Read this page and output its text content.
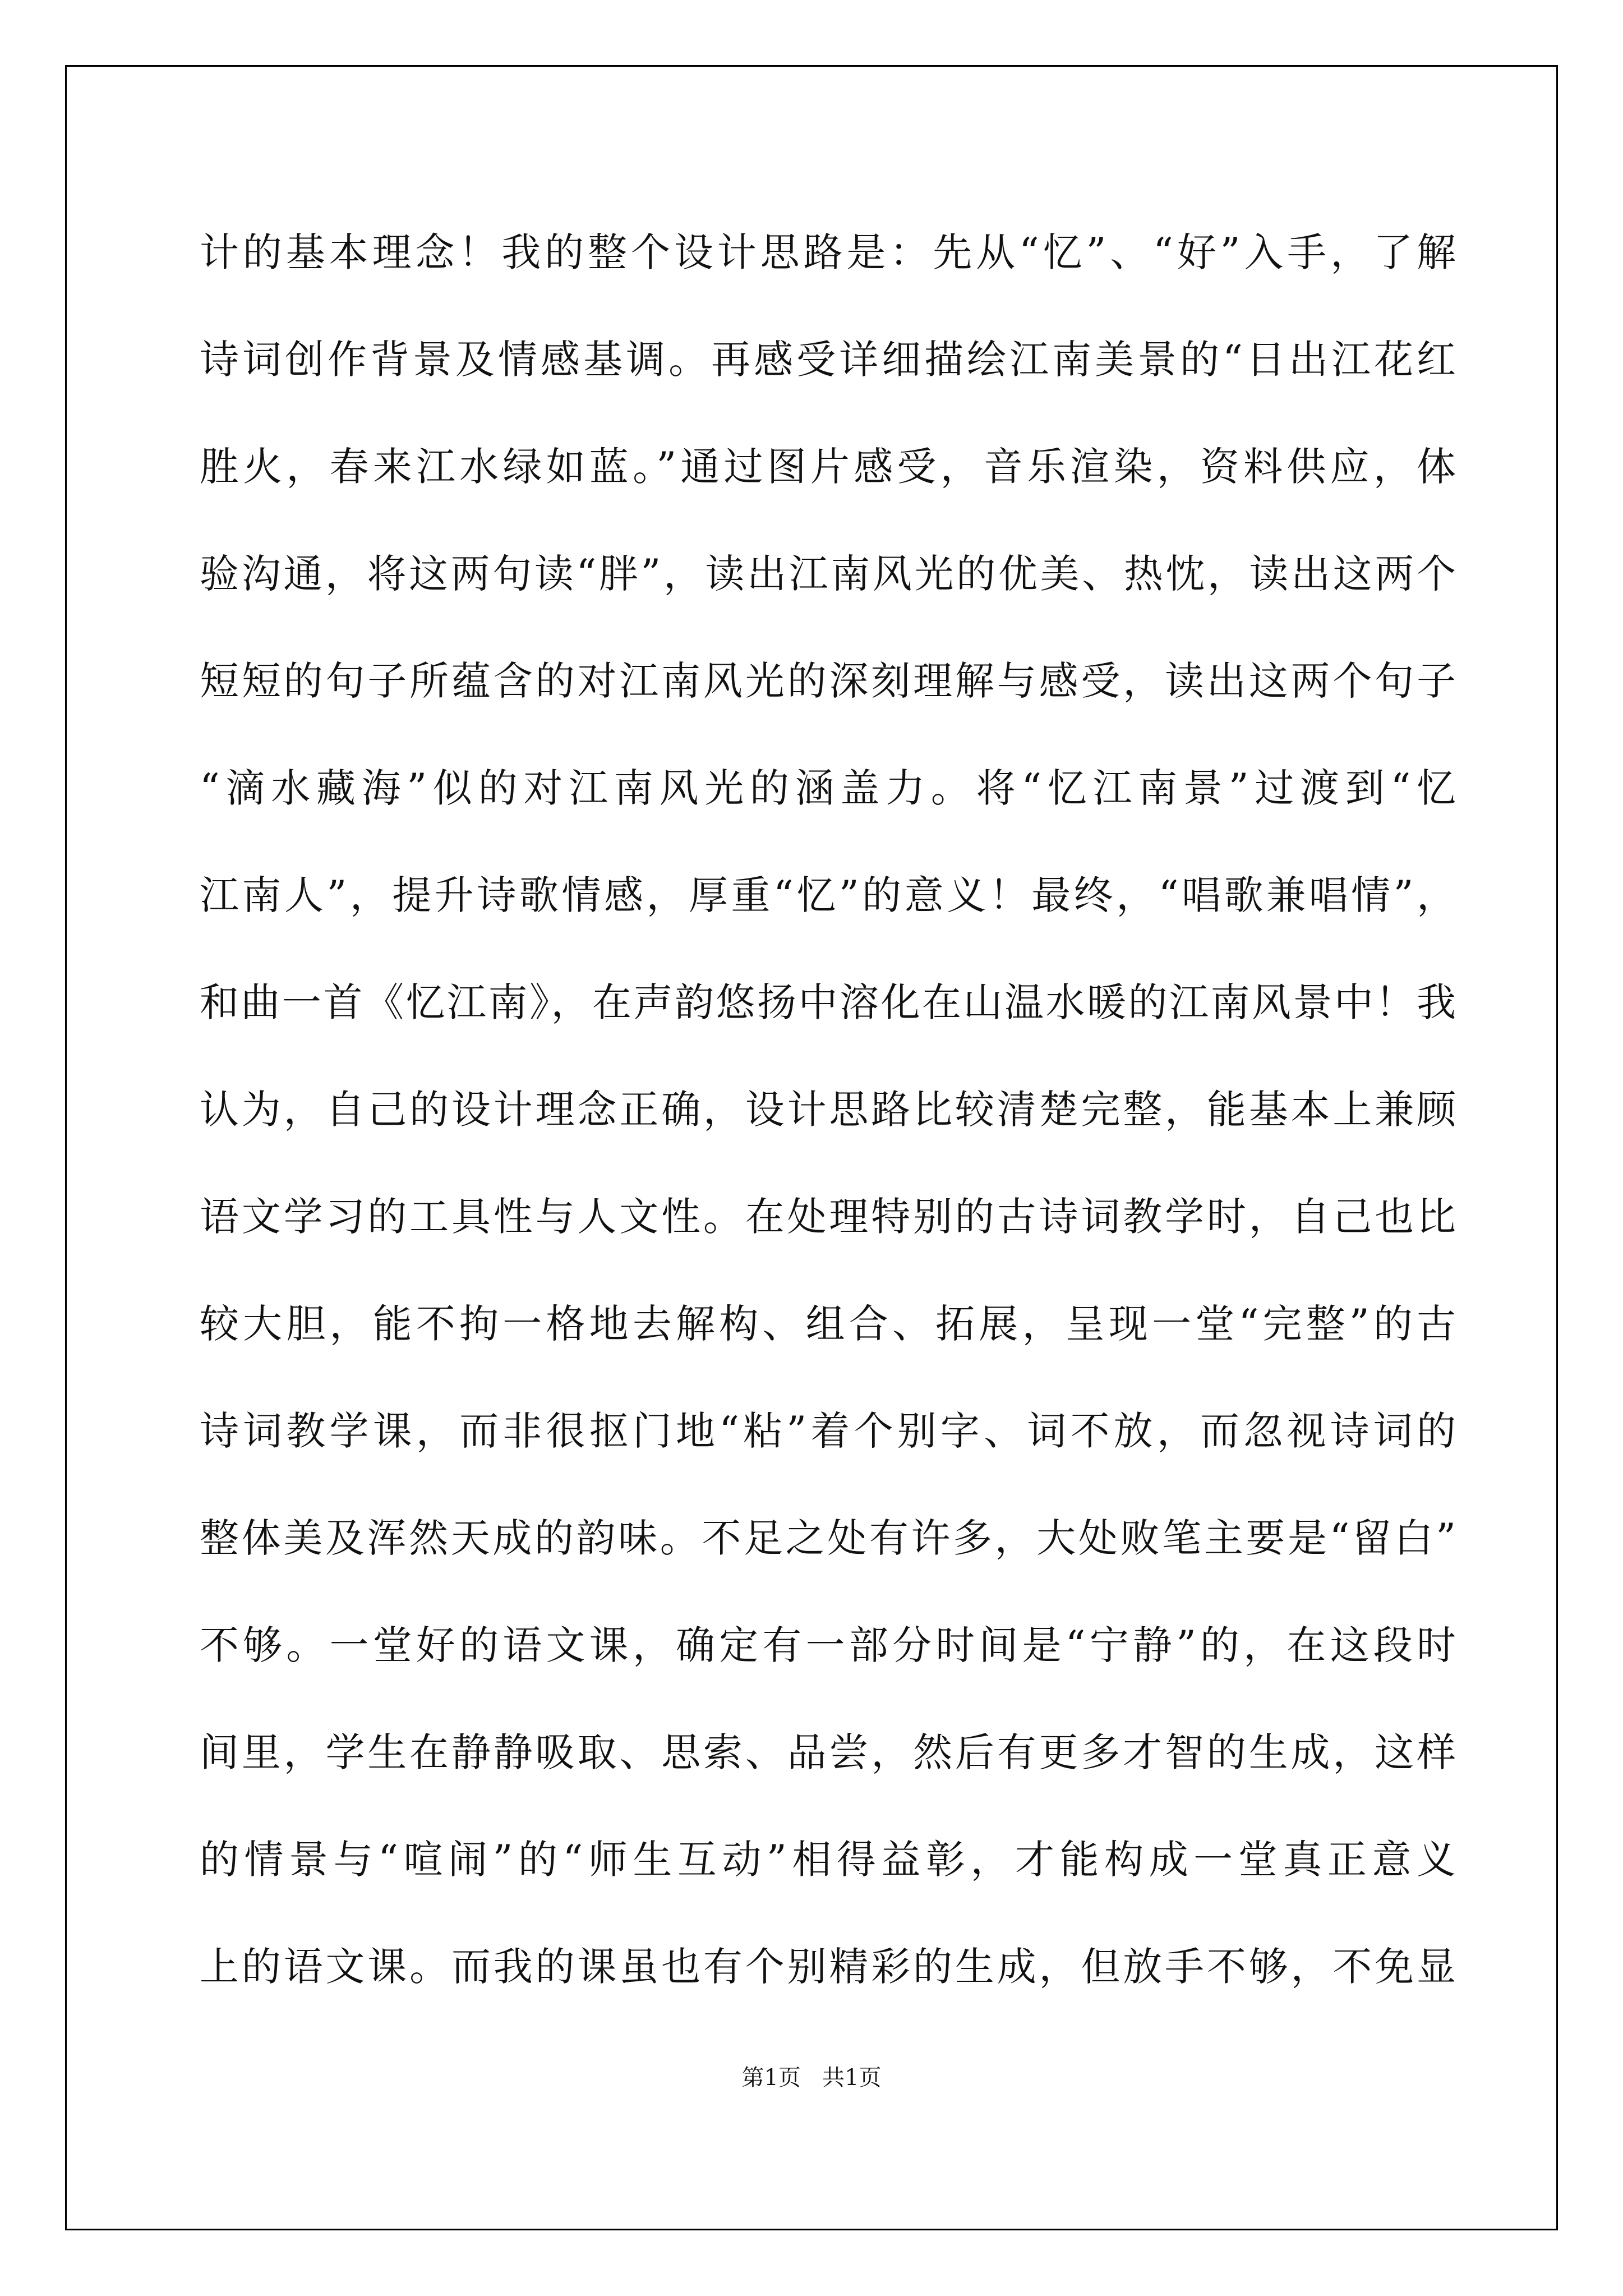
计的基本理念！我的整个设计思路是：先从“忆”、“好”入手，了解
诗词创作背景及情感基调。再感受详细描绘江南美景的“日出江花红
胜火，春来江水绿如蓝。”通过图片感受，音乐渲染，资料供应，体
验沟通，将这两句读“胖”，读出江南风光的优美、热忱，读出这两个
短短的句子所蕴含的对江南风光的深刻理解与感受，读出这两个句子
“滴水藏海”似的对江南风光的涵盖力。将“忆江南景”过渡到“忆
江南人”，提升诗歌情感，厚重“忆”的意义！最终，“唱歌兼唱情”，
和曲一首《忆江南》，在声韵悠扬中溶化在山温水暖的江南风景中！我
认为，自己的设计理念正确，设计思路比较清楚完整，能基本上兼顾
语文学习的工具性与人文性。在处理特别的古诗词教学时，自己也比
较大胆，能不拘一格地去解构、组合、拓展，呈现一堂“完整”的古
诗词教学课，而非很抠门地“粘”着个别字、词不放，而忽视诗词的
整体美及浑然天成的韵味。不足之处有许多，大处败笔主要是“留白”
不够。一堂好的语文课，确定有一部分时间是“宁静”的，在这段时
间里，学生在静静吸取、思索、品尝，然后有更多才智的生成，这样
的情景与“喧闹”的“师生互动”相得益彰，才能构成一堂真正意义
上的语文课。而我的课虽也有个别精彩的生成，但放手不够，不免显
第1页   共1页
